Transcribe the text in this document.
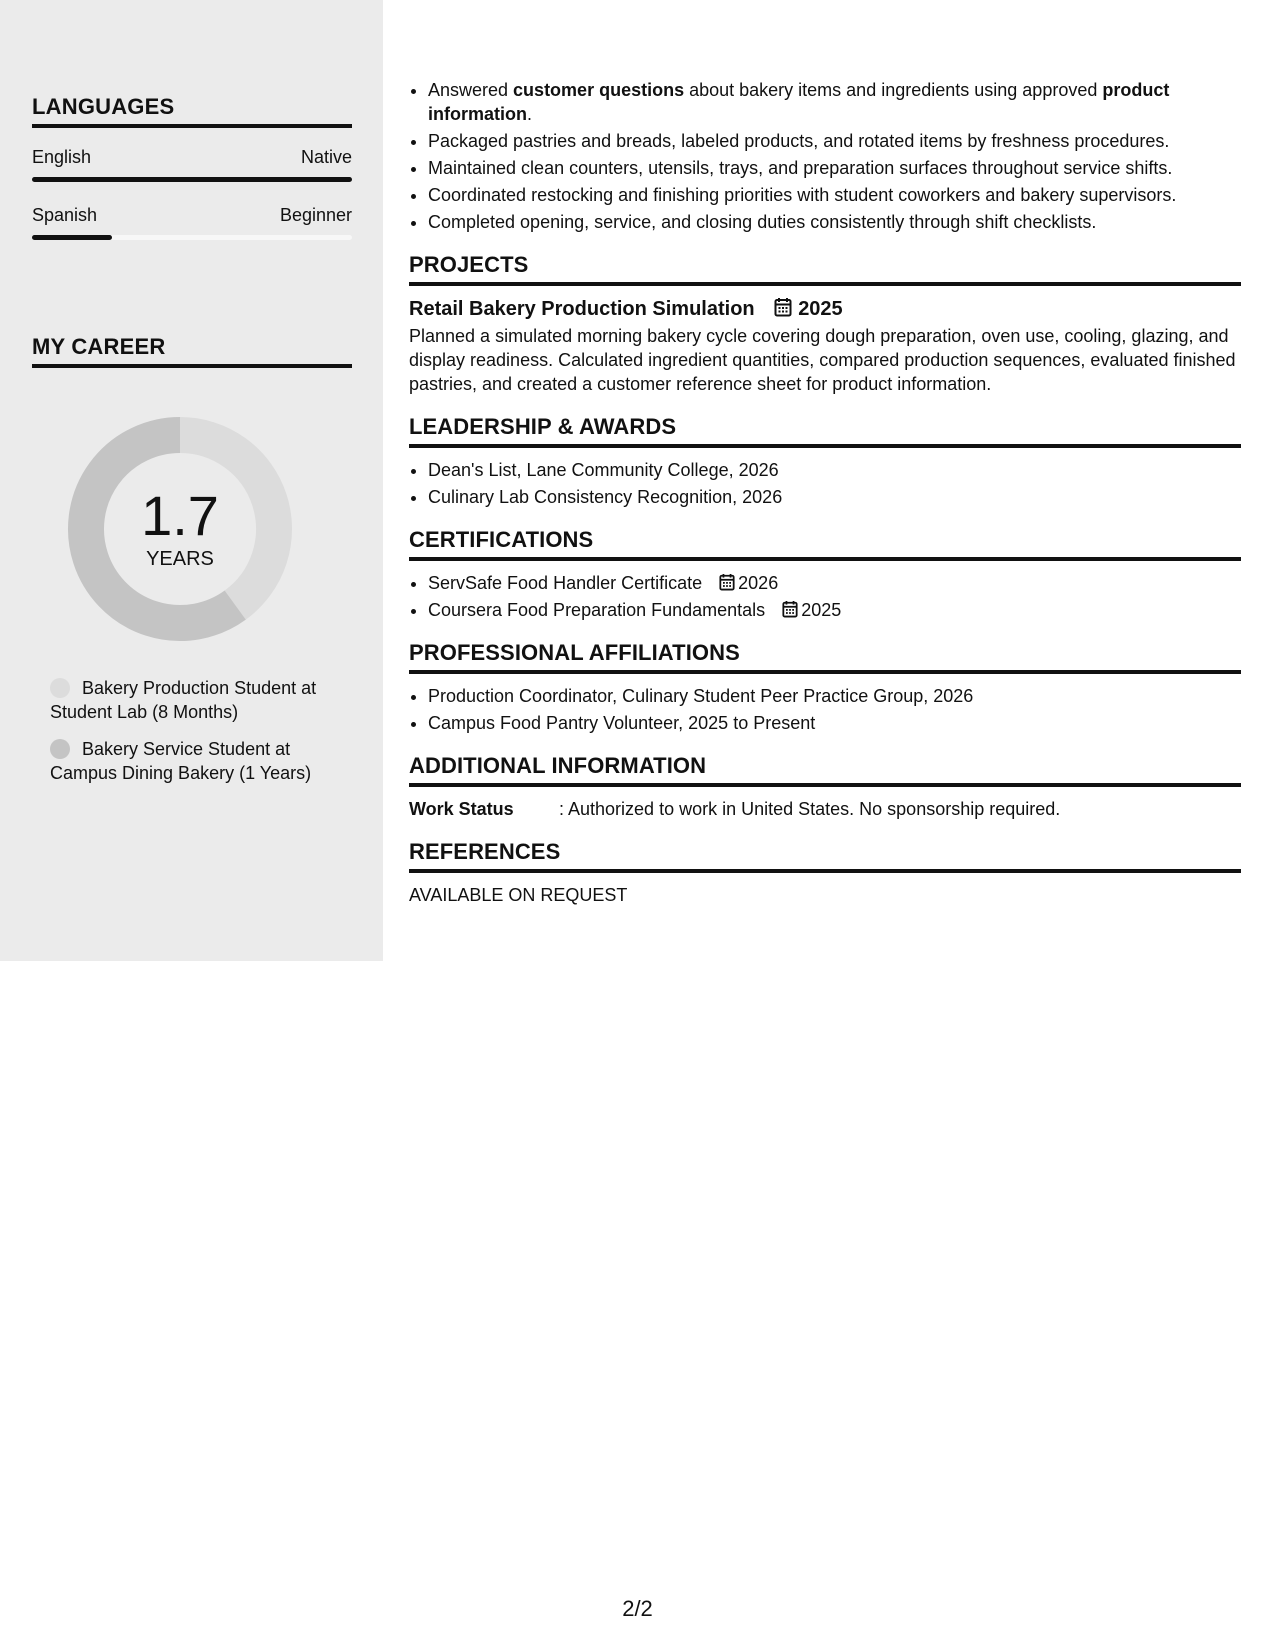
LANGUAGES
English	Native
Spanish	Beginner
MY CAREER
1.7
YEARS
Bakery Production Student at Student Lab (8 Months)
Bakery Service Student at Campus Dining Bakery (1 Years)
• Answered customer questions about bakery items and ingredients using approved product information.
• Packaged pastries and breads, labeled products, and rotated items by freshness procedures.
• Maintained clean counters, utensils, trays, and preparation surfaces throughout service shifts.
• Coordinated restocking and finishing priorities with student coworkers and bakery supervisors.
• Completed opening, service, and closing duties consistently through shift checklists.
PROJECTS
Retail Bakery Production Simulation 2025
Planned a simulated morning bakery cycle covering dough preparation, oven use, cooling, glazing, and display readiness. Calculated ingredient quantities, compared production sequences, evaluated finished pastries, and created a customer reference sheet for product information.
LEADERSHIP & AWARDS
• Dean's List, Lane Community College, 2026
• Culinary Lab Consistency Recognition, 2026
CERTIFICATIONS
• ServSafe Food Handler Certificate 2026
• Coursera Food Preparation Fundamentals 2025
PROFESSIONAL AFFILIATIONS
• Production Coordinator, Culinary Student Peer Practice Group, 2026
• Campus Food Pantry Volunteer, 2025 to Present
ADDITIONAL INFORMATION
Work Status	: Authorized to work in United States. No sponsorship required.
REFERENCES
AVAILABLE ON REQUEST
2/2
